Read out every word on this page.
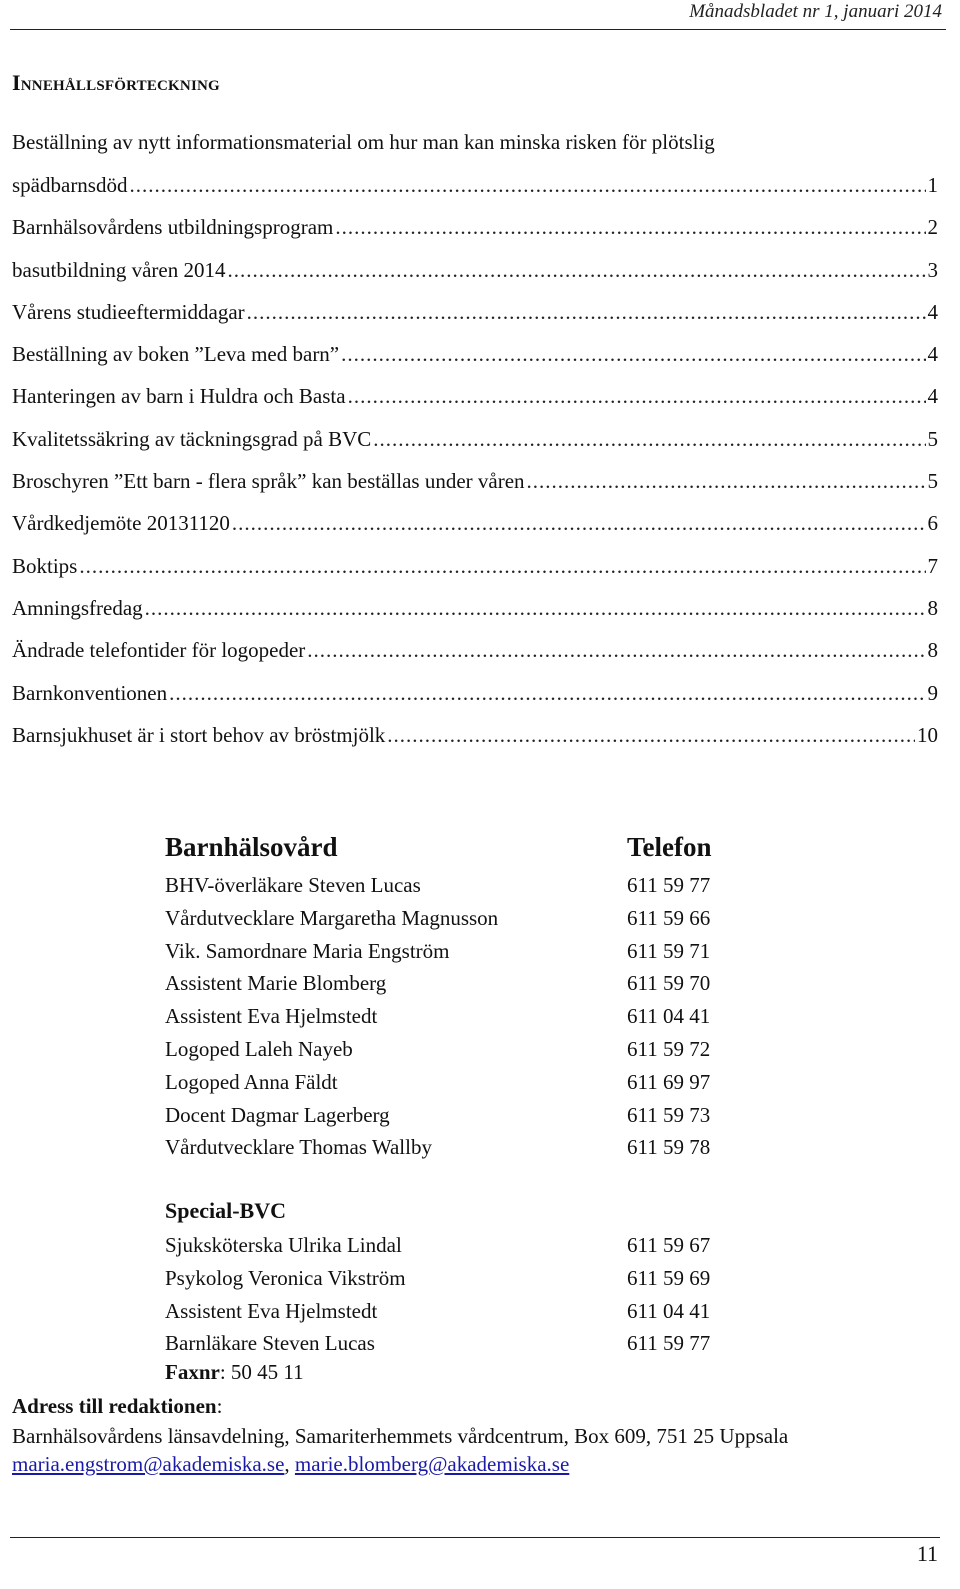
Månadsbladet nr 1, januari 2014
Innehållsförteckning
Beställning av nytt informationsmaterial om hur man kan minska risken för plötslig
spädbarnsdöd .....	1
Barnhälsovårdens utbildningsprogram .....	2
basutbildning våren 2014 .....	3
Vårens studieeftermiddagar .....	4
Beställning av boken ”Leva med barn” .....	4
Hanteringen av barn i Huldra och Basta .....	4
Kvalitetssäkring av täckningsgrad på BVC .....	5
Broschyren ”Ett barn - flera språk” kan beställas under våren .....	5
Vårdkedjemöte 20131120 .....	6
Boktips .....	7
Amningsfredag .....	8
Ändrade telefontider för logopeder .....	8
Barnkonventionen .....	9
Barnsjukhuset är i stort behov av bröstmjölk .....	10
Barnhälsovård	Telefon
BHV-överläkare Steven Lucas	611 59 77
Vårdutvecklare Margaretha Magnusson	611 59 66
Vik. Samordnare Maria Engström	611 59 71
Assistent Marie Blomberg	611 59 70
Assistent Eva Hjelmstedt	611 04 41
Logoped Laleh Nayeb	611 59 72
Logoped Anna Fäldt	611 69 97
Docent Dagmar Lagerberg	611 59 73
Vårdutvecklare Thomas Wallby	611 59 78
Special-BVC
Sjuksköterska Ulrika Lindal	611 59 67
Psykolog Veronica Vikström	611 59 69
Assistent Eva Hjelmstedt	611 04 41
Barnläkare Steven Lucas	611 59 77
Faxnr: 50 45 11
Adress till redaktionen:
Barnhälsovårdens länsavdelning, Samariterhemmets vårdcentrum, Box 609, 751 25 Uppsala
maria.engstrom@akademiska.se, marie.blomberg@akademiska.se
11
